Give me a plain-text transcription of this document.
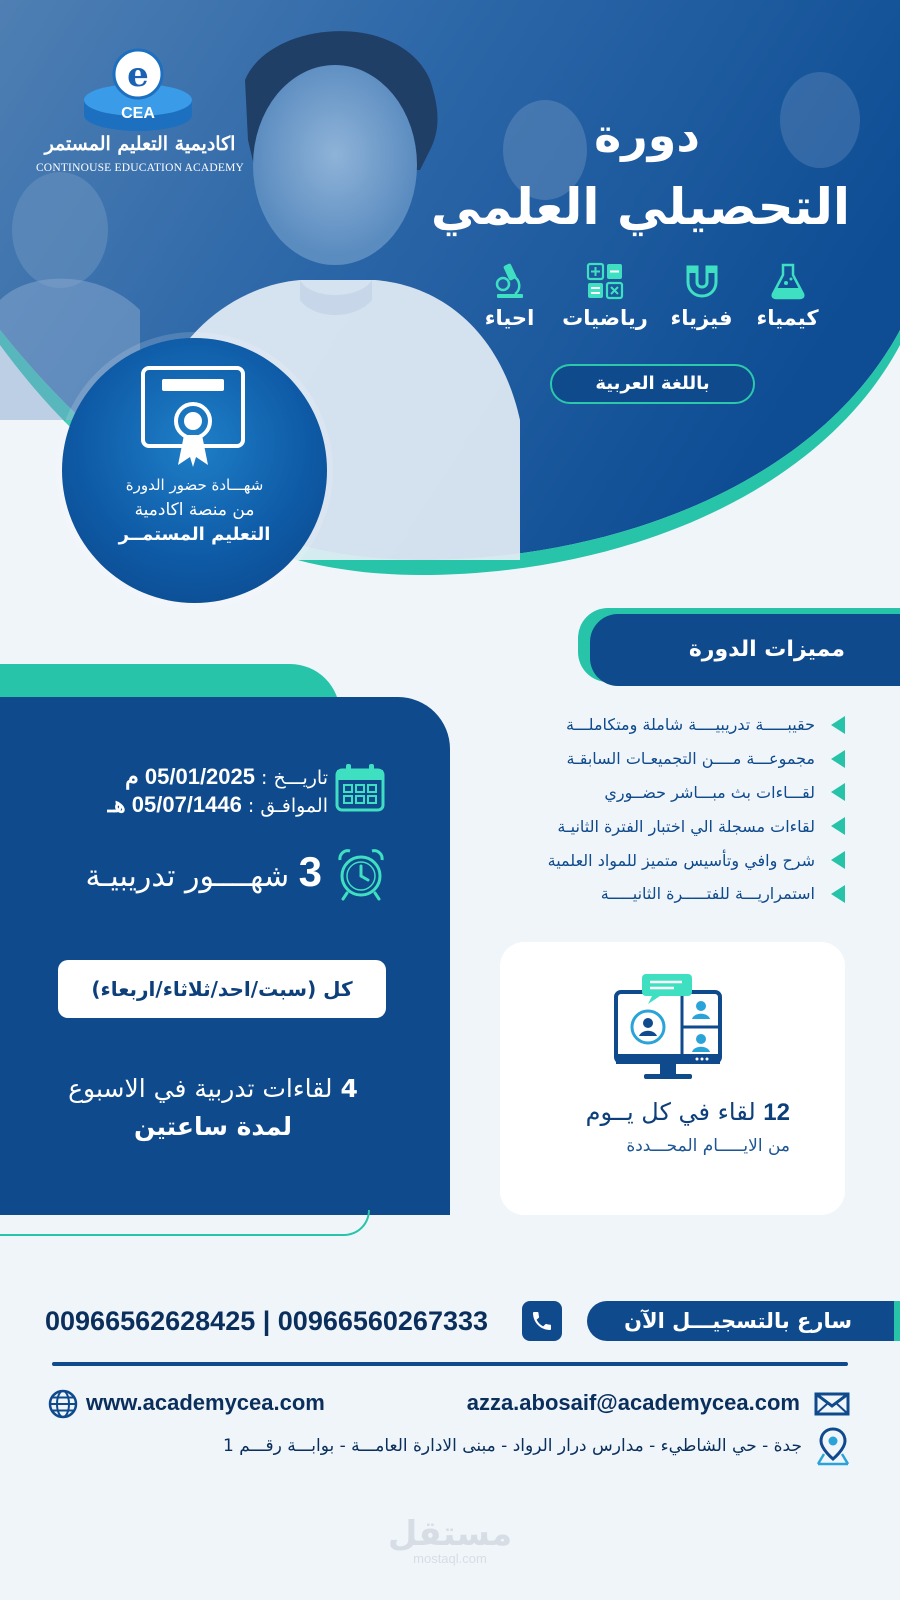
e
CEA
اكاديمية التعليم المستمر
CONTINOUSE EDUCATION ACADEMY
دورة
التحصيلي العلمي
كيمياء
فيزياء
رياضيات
احياء
باللغة العربية
شهـــادة حضور الدورة
من منصة اكادمية
التعليم المستمــر
مميزات الدورة
حقيبـــــة تدريبيــــة شاملة ومتكاملـــة
مجموعـــة مــــن التجميعـات السابقـة
لقـــاءات بث مبـــاشر حضــوري
لقاءات مسجلة الي اختبار الفترة الثانيـة
شرح وافي وتأسيس متميز للمواد العلمية
استمراريـــة للفتـــــرة الثانيـــــة
تاريـــخ : 05/01/2025 م
الموافـق : 05/07/1446 هـ
3 شهــــور تدريبيـة
كل (سبت/احد/ثلاثاء/اربعاء)
4 لقاءات تدربية في الاسبوع
لمدة ساعتين	12 لقاء في كل يــوم
من الايـــــام المحـــددة
سارع بالتسجيـــل الآن
00966562628425 | 00966560267333
www.academycea.com	azza.abosaif@academycea.com
جدة - حي الشاطيء - مدارس درار الرواد - مبنى الادارة العامـــة - بوابـــة رقـــم 1
مستقل
mostaql.com
